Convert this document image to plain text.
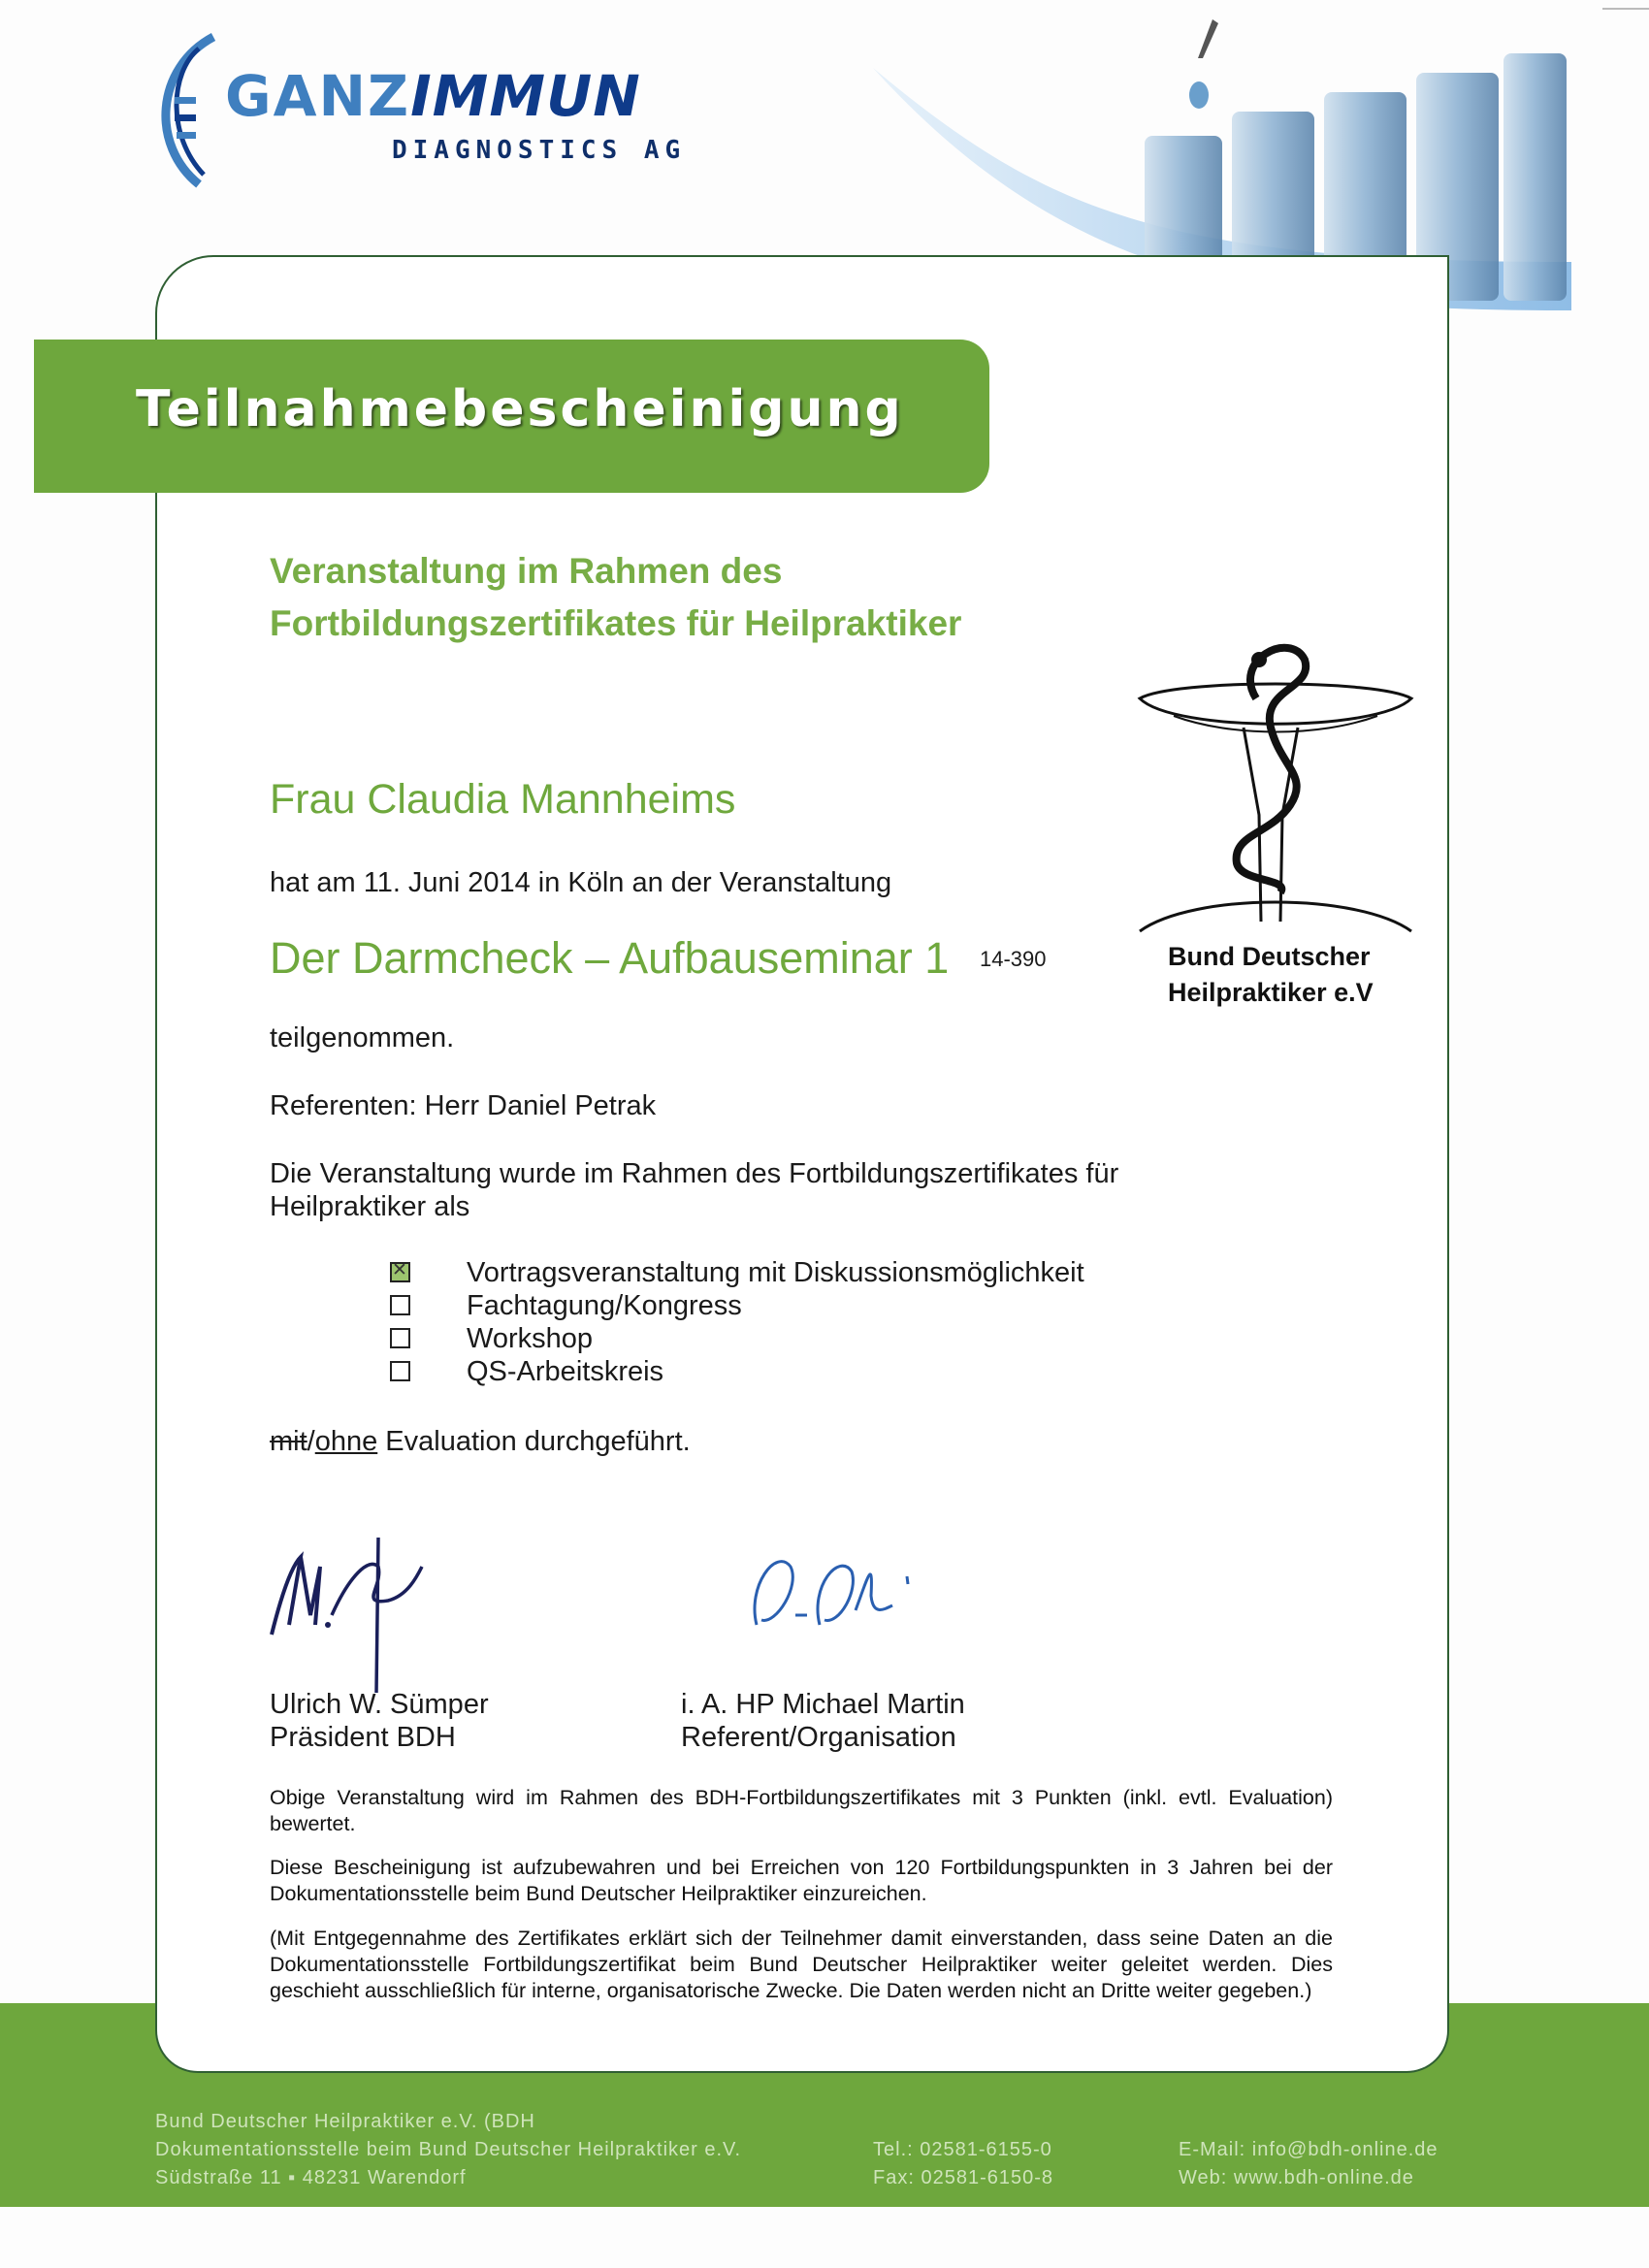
GANZIMMUN
DIAGNOSTICS AG
Teilnahmebescheinigung
Veranstaltung im Rahmen des
Fortbildungszertifikates für Heilpraktiker
Bund Deutscher
Heilpraktiker e.V
Frau Claudia Mannheims
hat am 11. Juni 2014 in Köln an der Veranstaltung
Der Darmcheck – Aufbauseminar 1 14-390
teilgenommen.
Referenten: Herr Daniel Petrak
Die Veranstaltung wurde im Rahmen des Fortbildungszertifikates für
Heilpraktiker als
✕Vortragsveranstaltung mit Diskussionsmöglichkeit
Fachtagung/Kongress
Workshop
QS-Arbeitskreis
mit/ohne Evaluation durchgeführt.
Ulrich W. Sümper
Präsident BDH
i. A. HP Michael Martin
Referent/Organisation
Obige Veranstaltung wird im Rahmen des BDH-Fortbildungszertifikates mit 3 Punkten (inkl. evtl. Evaluation) bewertet.
Diese Bescheinigung ist aufzubewahren und bei Erreichen von 120 Fortbildungspunkten in 3 Jahren bei der Dokumentationsstelle beim Bund Deutscher Heilpraktiker einzureichen.
(Mit Entgegennahme des Zertifikates erklärt sich der Teilnehmer damit einverstanden, dass seine Daten an die Dokumentationsstelle Fortbildungszertifikat beim Bund Deutscher Heilpraktiker weiter geleitet werden. Dies geschieht ausschließlich für interne, organisatorische Zwecke. Die Daten werden nicht an Dritte weiter gegeben.)
Bund Deutscher Heilpraktiker e.V. (BDH
Dokumentationsstelle beim Bund Deutscher Heilpraktiker e.V.
Südstraße 11 ▪ 48231 Warendorf
Tel.: 02581-6155-0
Fax: 02581-6150-8
E-Mail: info@bdh-online.de
Web: www.bdh-online.de
